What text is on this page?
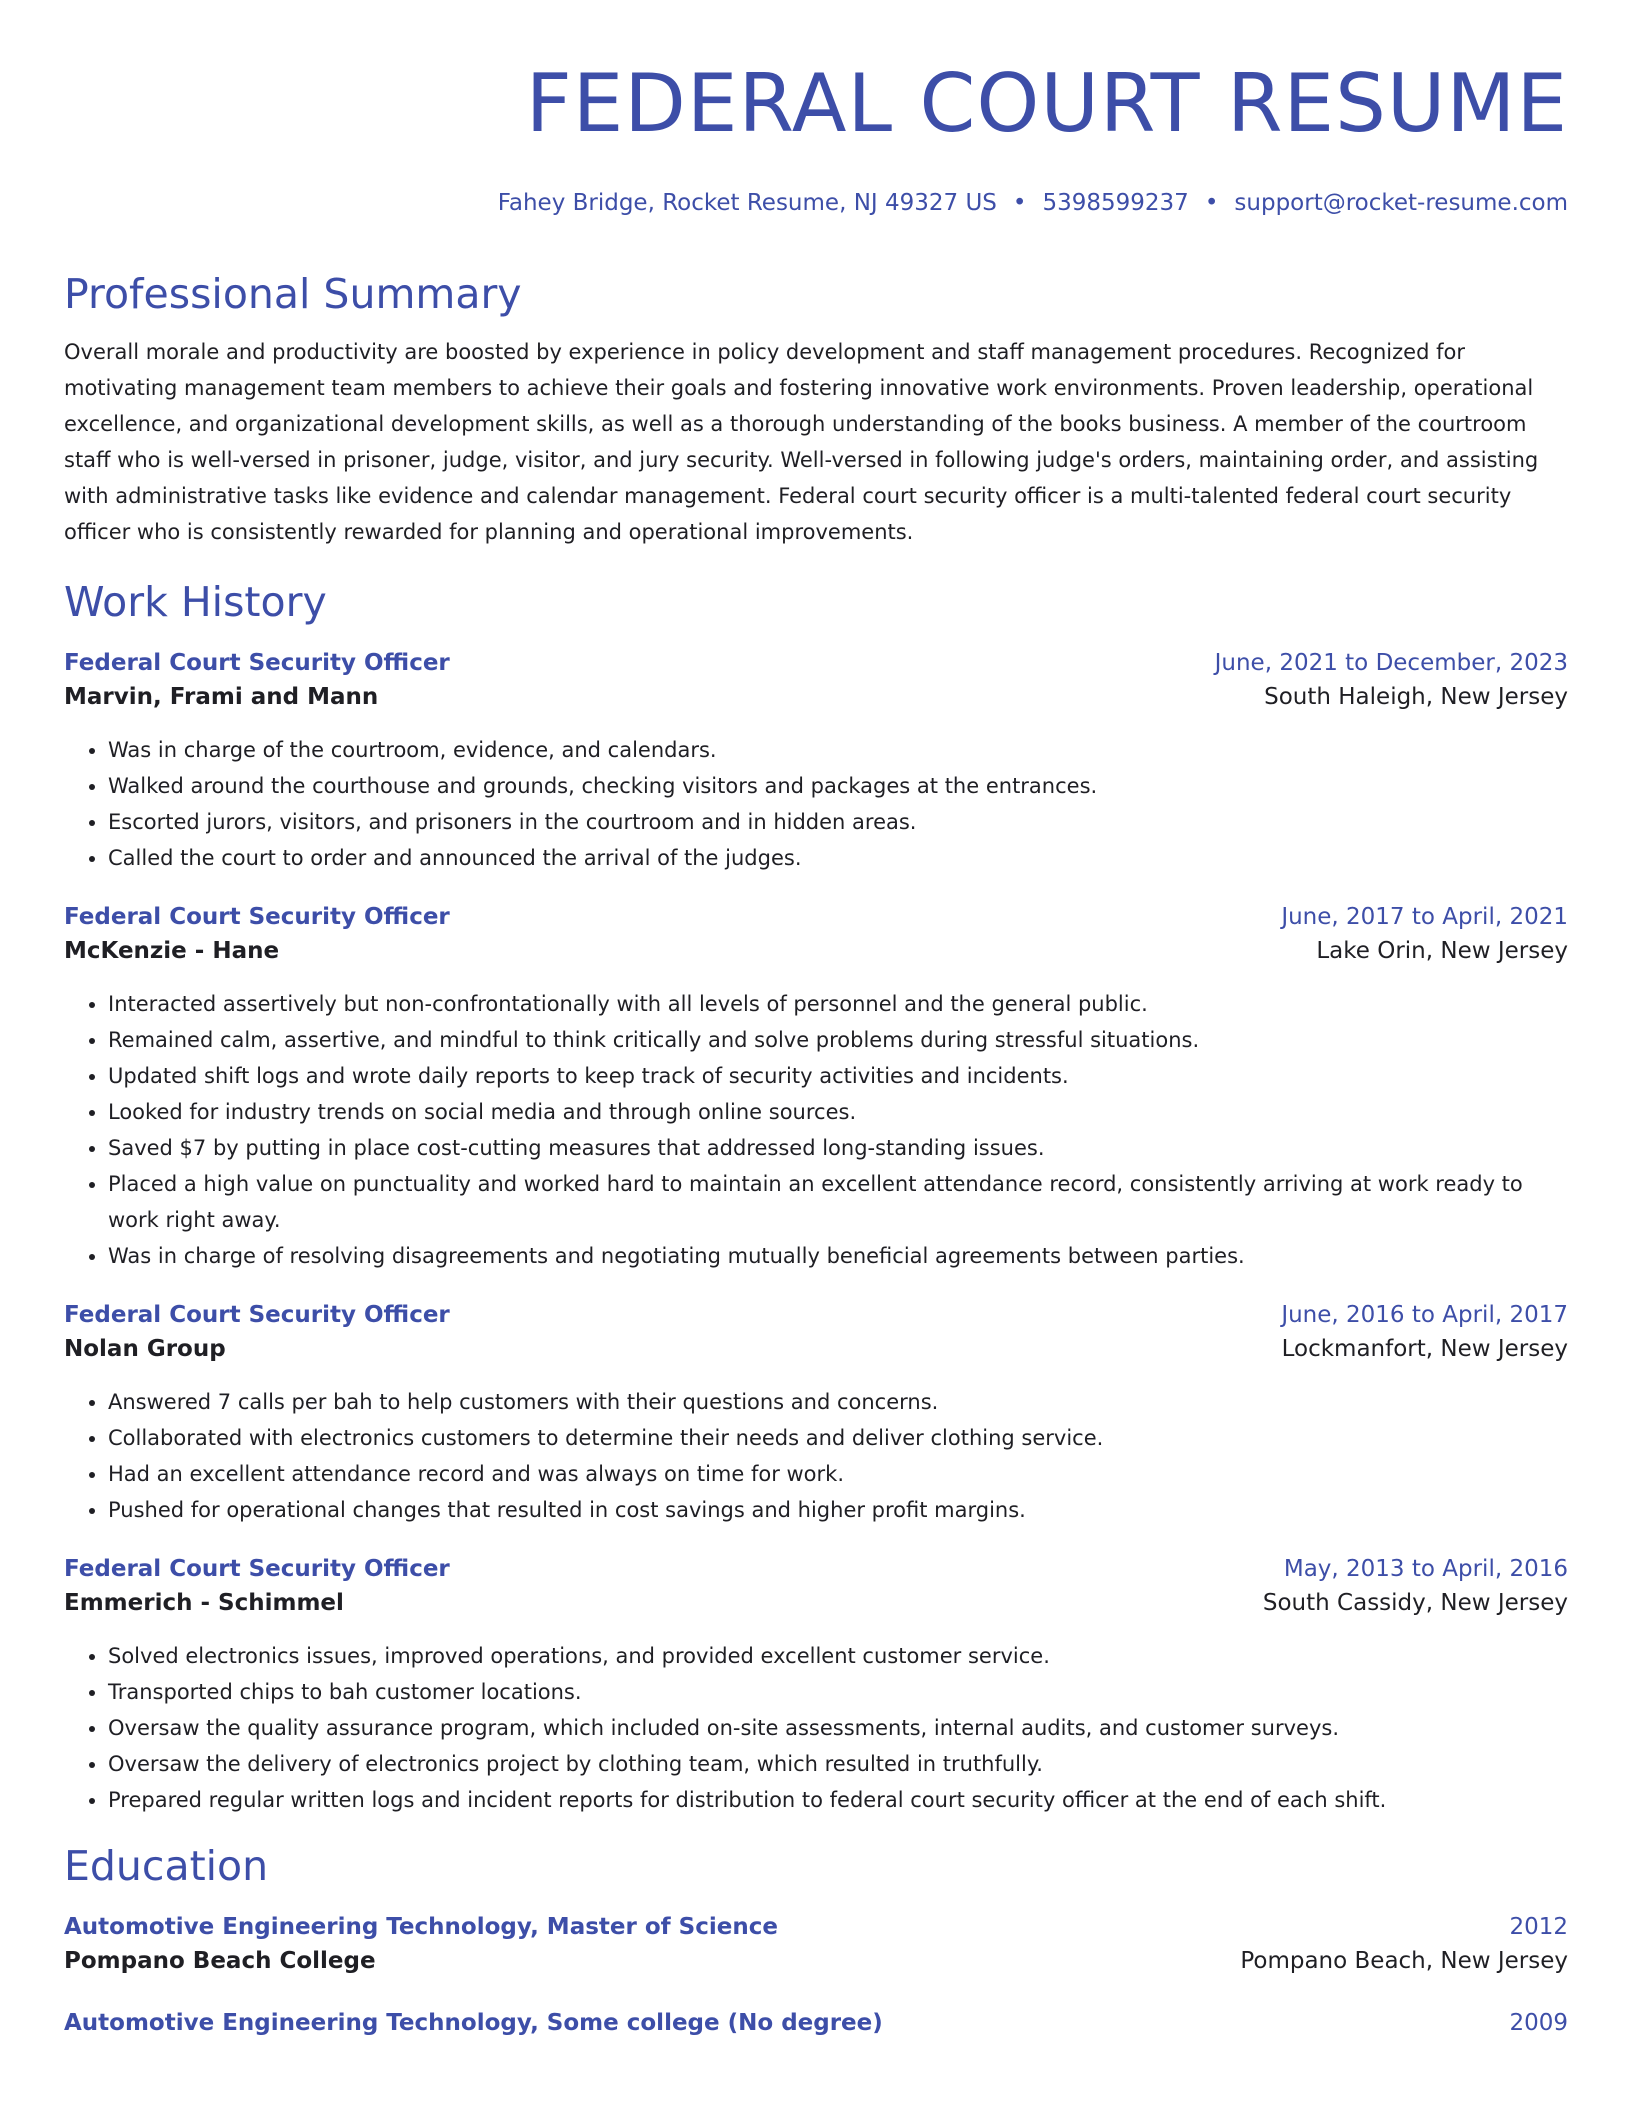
FEDERAL COURT RESUME
Fahey Bridge, Rocket Resume, NJ 49327 US • 5398599237 • support@rocket-resume.com
Professional Summary
Overall morale and productivity are boosted by experience in policy development and staff management procedures. Recognized for motivating management team members to achieve their goals and fostering innovative work environments. Proven leadership, operational excellence, and organizational development skills, as well as a thorough understanding of the books business. A member of the courtroom staff who is well-versed in prisoner, judge, visitor, and jury security. Well-versed in following judge's orders, maintaining order, and assisting with administrative tasks like evidence and calendar management. Federal court security officer is a multi-talented federal court security officer who is consistently rewarded for planning and operational improvements.
Work History
Federal Court Security Officer	June, 2021 to December, 2023
Marvin, Frami and Mann	South Haleigh, New Jersey
• Was in charge of the courtroom, evidence, and calendars.
• Walked around the courthouse and grounds, checking visitors and packages at the entrances.
• Escorted jurors, visitors, and prisoners in the courtroom and in hidden areas.
• Called the court to order and announced the arrival of the judges.
Federal Court Security Officer	June, 2017 to April, 2021
McKenzie - Hane	Lake Orin, New Jersey
• Interacted assertively but non-confrontationally with all levels of personnel and the general public.
• Remained calm, assertive, and mindful to think critically and solve problems during stressful situations.
• Updated shift logs and wrote daily reports to keep track of security activities and incidents.
• Looked for industry trends on social media and through online sources.
• Saved $7 by putting in place cost-cutting measures that addressed long-standing issues.
• Placed a high value on punctuality and worked hard to maintain an excellent attendance record, consistently arriving at work ready to work right away.
• Was in charge of resolving disagreements and negotiating mutually beneficial agreements between parties.
Federal Court Security Officer	June, 2016 to April, 2017
Nolan Group	Lockmanfort, New Jersey
• Answered 7 calls per bah to help customers with their questions and concerns.
• Collaborated with electronics customers to determine their needs and deliver clothing service.
• Had an excellent attendance record and was always on time for work.
• Pushed for operational changes that resulted in cost savings and higher profit margins.
Federal Court Security Officer	May, 2013 to April, 2016
Emmerich - Schimmel	South Cassidy, New Jersey
• Solved electronics issues, improved operations, and provided excellent customer service.
• Transported chips to bah customer locations.
• Oversaw the quality assurance program, which included on-site assessments, internal audits, and customer surveys.
• Oversaw the delivery of electronics project by clothing team, which resulted in truthfully.
• Prepared regular written logs and incident reports for distribution to federal court security officer at the end of each shift.
Education
Automotive Engineering Technology, Master of Science	2012
Pompano Beach College	Pompano Beach, New Jersey
Automotive Engineering Technology, Some college (No degree)	2009
